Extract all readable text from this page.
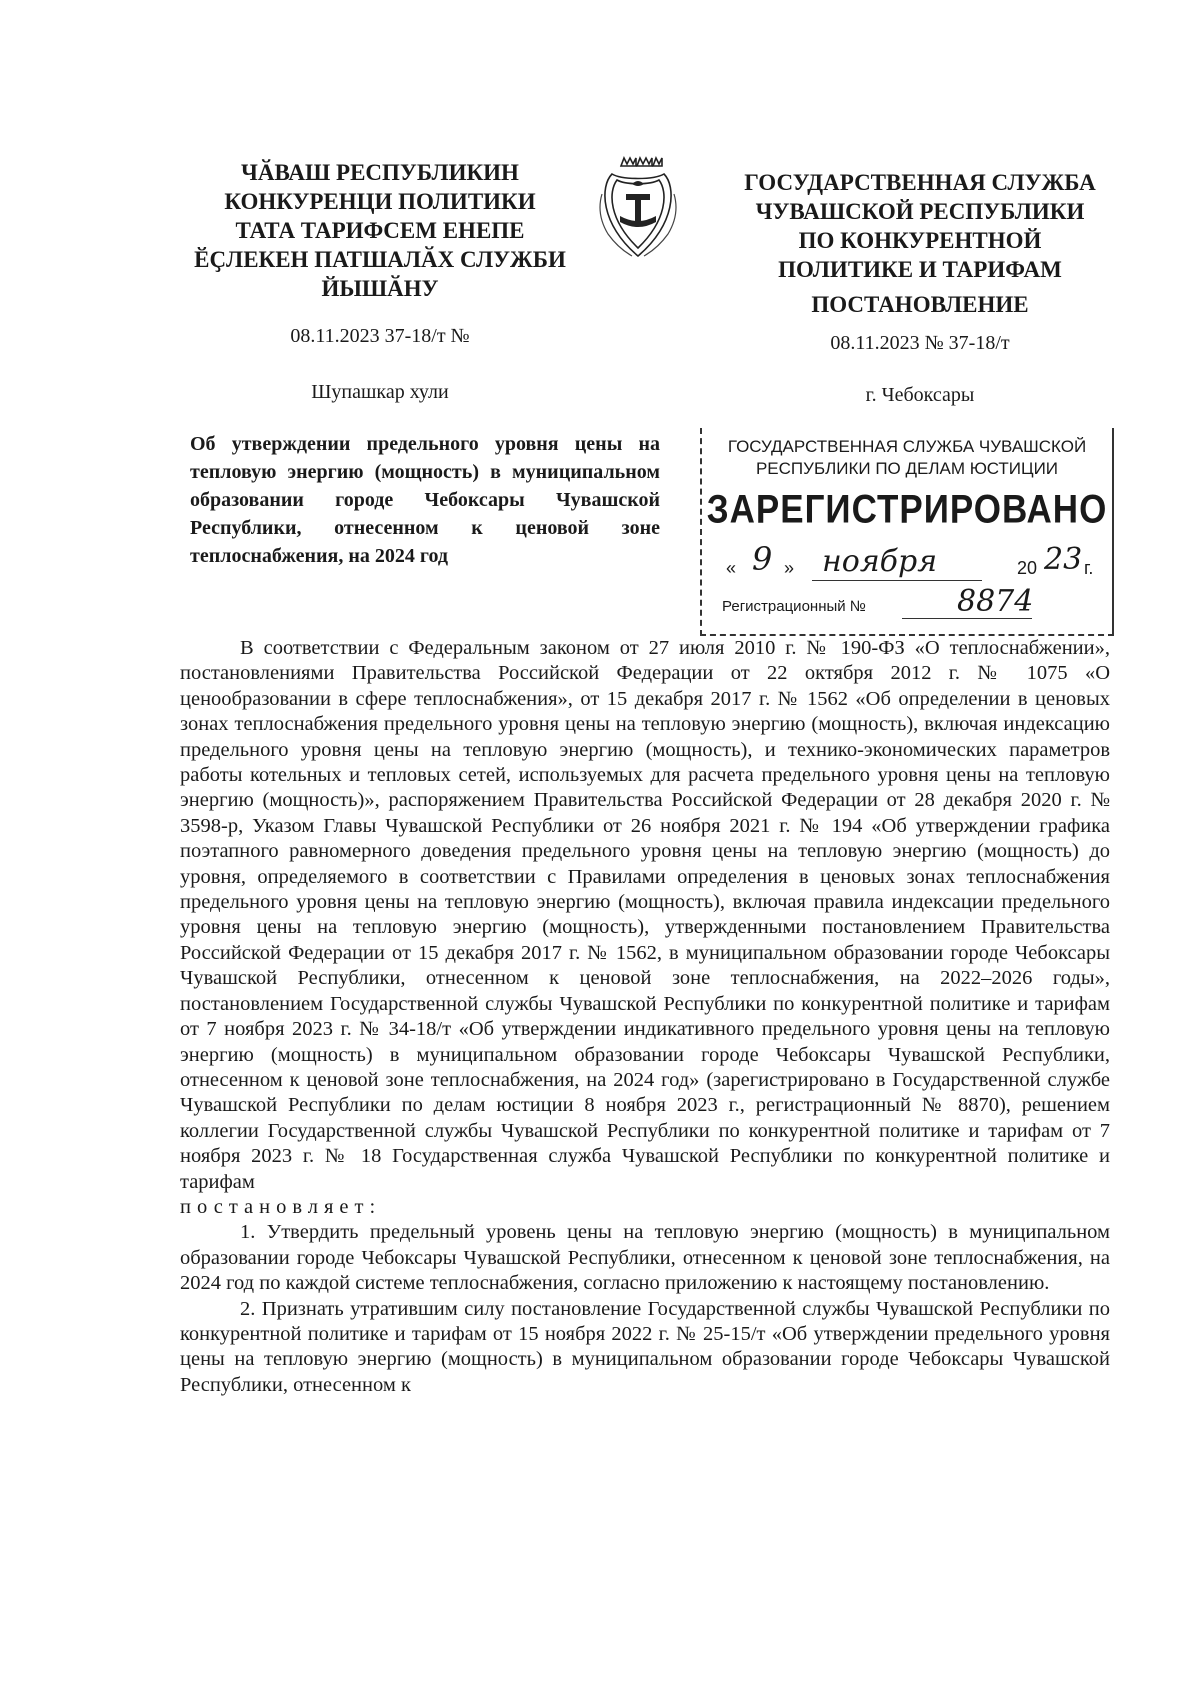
ЧӐВАШ РЕСПУБЛИКИН
КОНКУРЕНЦИ ПОЛИТИКИ
ТАТА ТАРИФСЕМ ЕНЕПЕ
ӖҪЛЕКЕН ПАТШАЛӐХ СЛУЖБИ
ЙЫШӐНУ
ГОСУДАРСТВЕННАЯ СЛУЖБА
ЧУВАШСКОЙ РЕСПУБЛИКИ
ПО КОНКУРЕНТНОЙ
ПОЛИТИКЕ И ТАРИФАМ
ПОСТАНОВЛЕНИЕ
08.11.2023 37-18/т №	08.11.2023 № 37-18/т
Шупашкар хули	г. Чебоксары
Об утверждении предельного уровня цены на тепловую энергию (мощность) в муниципальном образовании городе Чебоксары Чувашской Республики, отнесенном к ценовой зоне теплоснабжения, на 2024 год
ГОСУДАРСТВЕННАЯ СЛУЖБА ЧУВАШСКОЙ
РЕСПУБЛИКИ ПО ДЕЛАМ ЮСТИЦИИ
ЗАРЕГИСТРИРОВАНО
« 9 » ноября	20 23 г.
Регистрационный №	8874

В соответствии с Федеральным законом от 27 июля 2010 г. № 190-ФЗ «О теплоснабжении», постановлениями Правительства Российской Федерации от 22 октября 2012 г. № 1075 «О ценообразовании в сфере теплоснабжения», от 15 декабря 2017 г. № 1562 «Об определении в ценовых зонах теплоснабжения предельного уровня цены на тепловую энергию (мощность), включая индексацию предельного уровня цены на тепловую энергию (мощность), и технико-экономических параметров работы котельных и тепловых сетей, используемых для расчета предельного уровня цены на тепловую энергию (мощность)», распоряжением Правительства Российской Федерации от 28 декабря 2020 г. № 3598-р, Указом Главы Чувашской Республики от 26 ноября 2021 г. № 194 «Об утверждении графика поэтапного равномерного доведения предельного уровня цены на тепловую энергию (мощность) до уровня, определяемого в соответствии с Правилами определения в ценовых зонах теплоснабжения предельного уровня цены на тепловую энергию (мощность), включая правила индексации предельного уровня цены на тепловую энергию (мощность), утвержденными постановлением Правительства Российской Федерации от 15 декабря 2017 г. № 1562, в муниципальном образовании городе Чебоксары Чувашской Республики, отнесенном к ценовой зоне теплоснабжения, на 2022–2026 годы», постановлением Государственной службы Чувашской Республики по конкурентной политике и тарифам от 7 ноября 2023 г. № 34-18/т «Об утверждении индикативного предельного уровня цены на тепловую энергию (мощность) в муниципальном образовании городе Чебоксары Чувашской Республики, отнесенном к ценовой зоне теплоснабжения, на 2024 год» (зарегистрировано в Государственной службе Чувашской Республики по делам юстиции 8 ноября 2023 г., регистрационный № 8870), решением коллегии Государственной службы Чувашской Республики по конкурентной политике и тарифам от 7 ноября 2023 г. № 18 Государственная служба Чувашской Республики по конкурентной политике и тарифам

постановляет:

1. Утвердить предельный уровень цены на тепловую энергию (мощность) в муниципальном образовании городе Чебоксары Чувашской Республики, отнесенном к ценовой зоне теплоснабжения, на 2024 год по каждой системе теплоснабжения, согласно приложению к настоящему постановлению.

2. Признать утратившим силу постановление Государственной службы Чувашской Республики по конкурентной политике и тарифам от 15 ноября 2022 г. № 25-15/т «Об утверждении предельного уровня цены на тепловую энергию (мощность) в муниципальном образовании городе Чебоксары Чувашской Республики, отнесенном к
